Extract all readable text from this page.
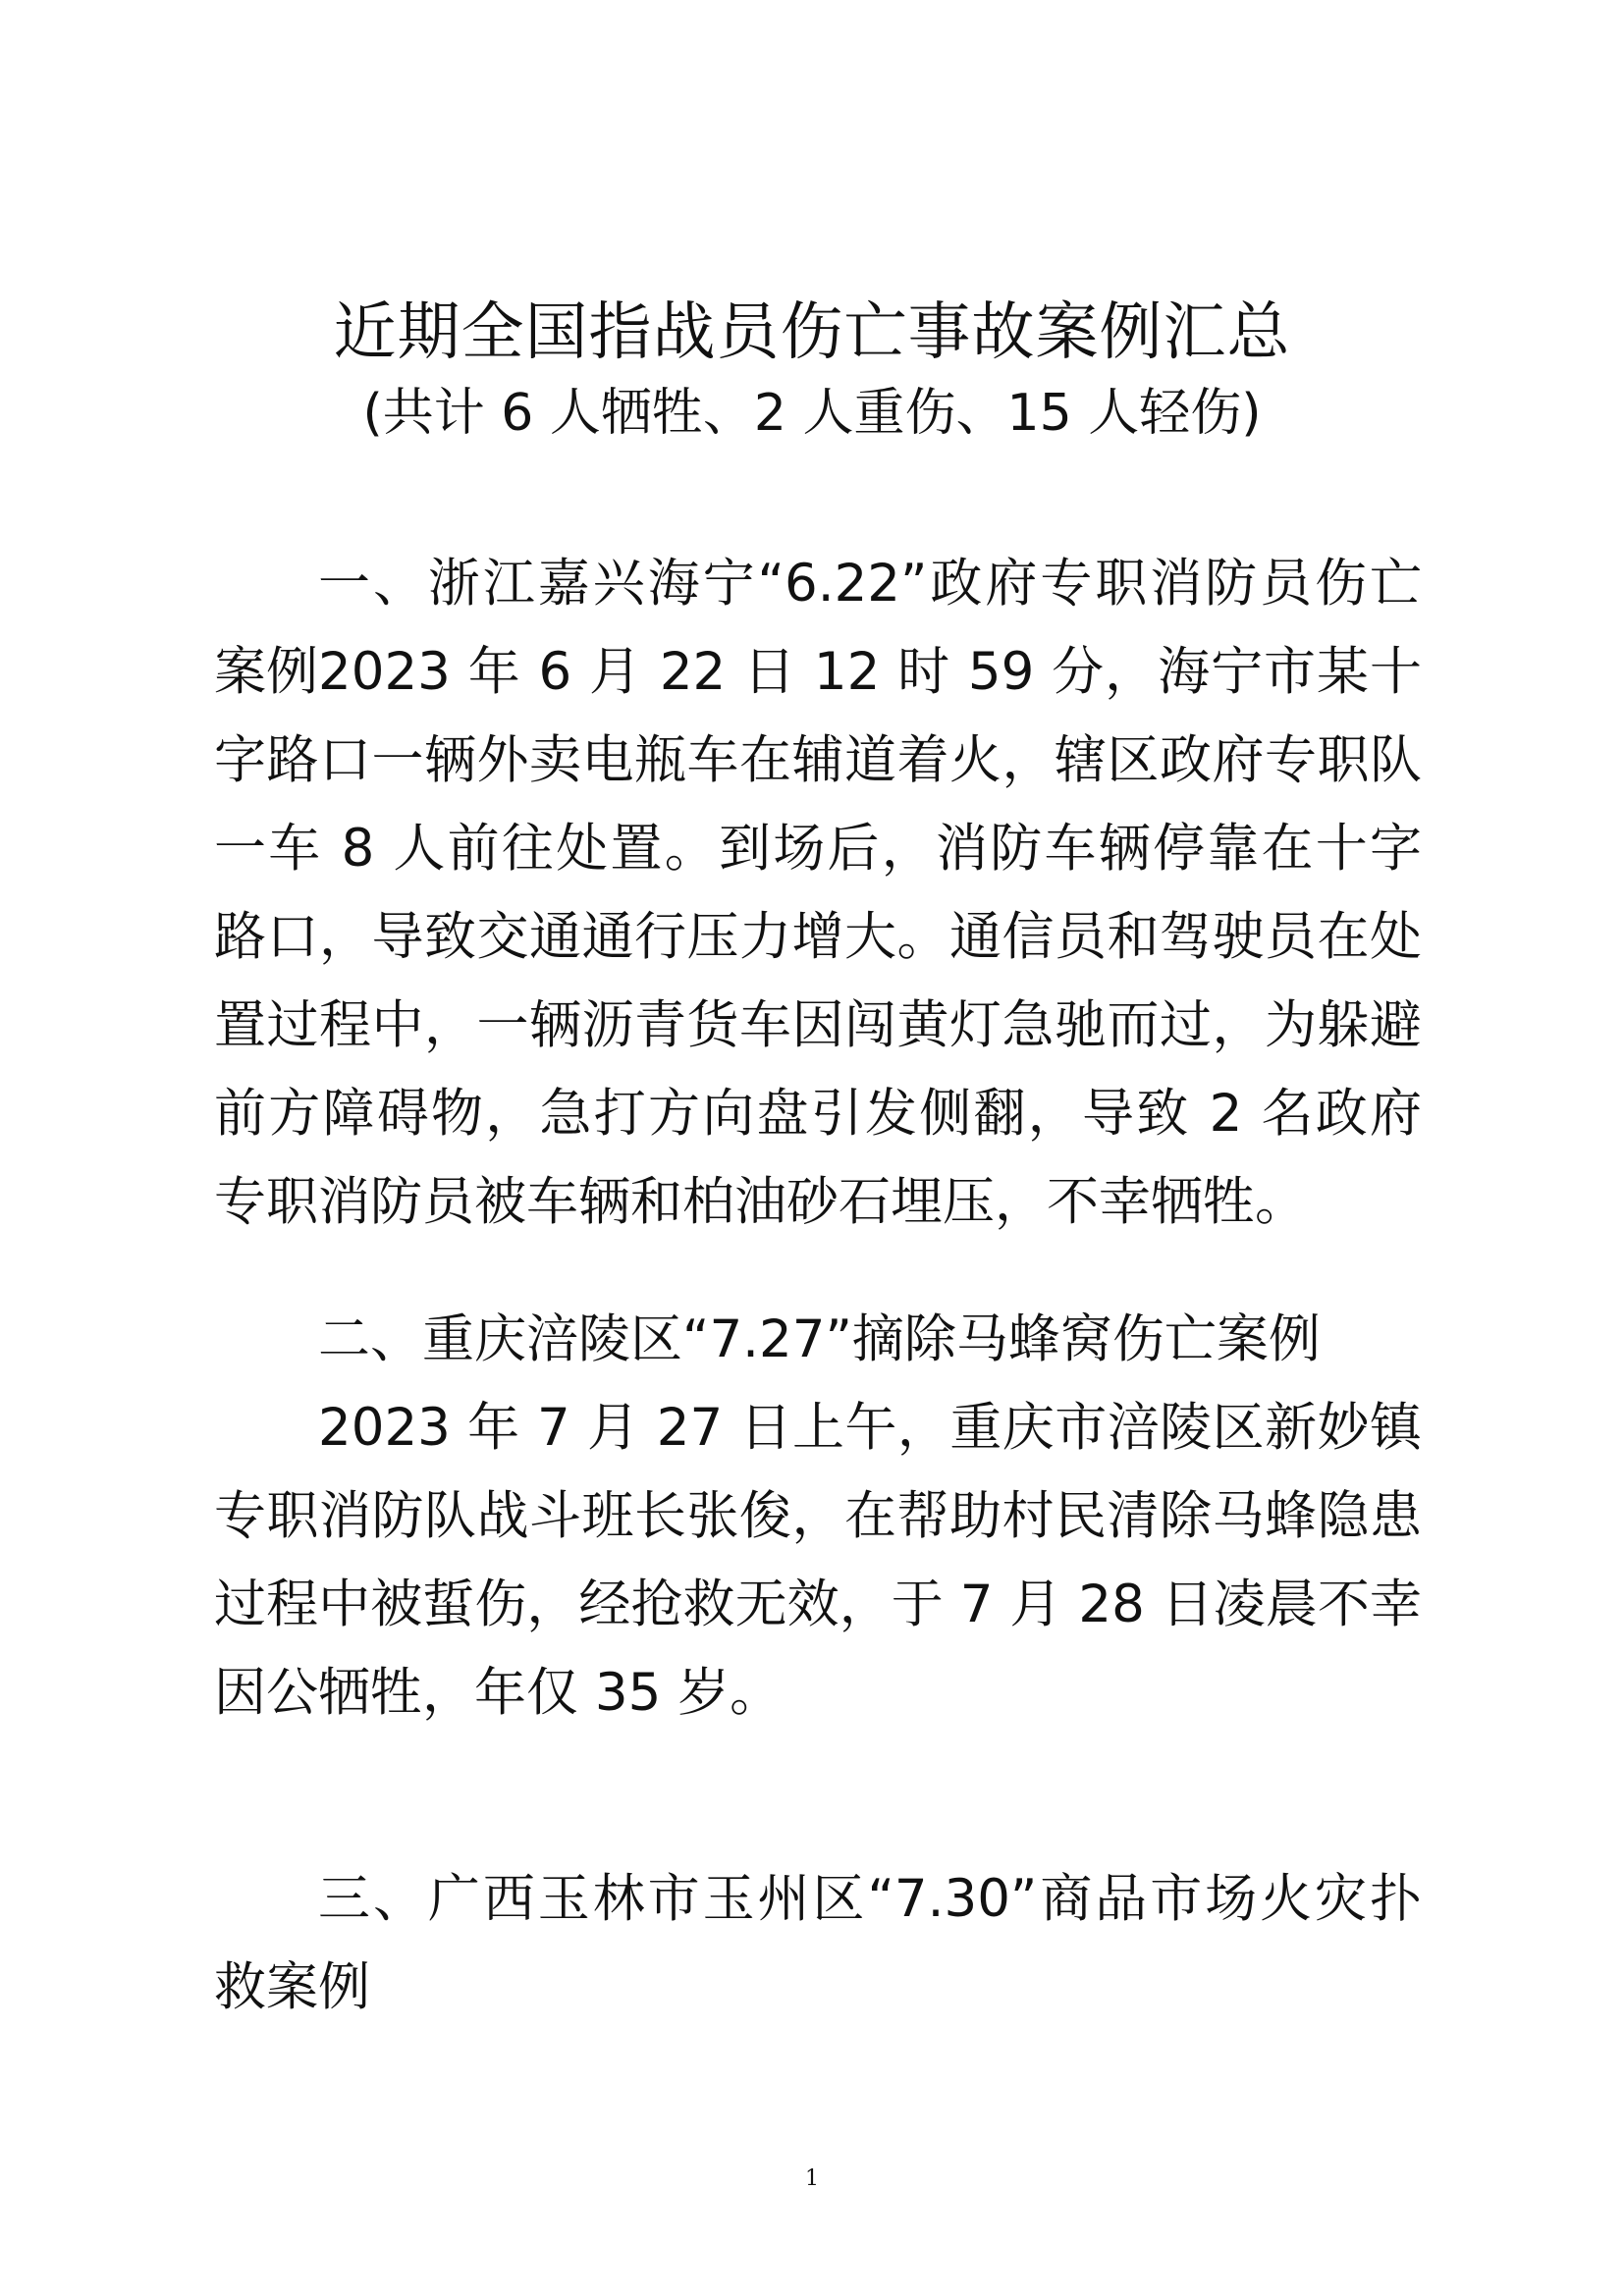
近期全国指战员伤亡事故案例汇总
(共计 6 人牺牲、2 人重伤、15 人轻伤)

一、浙江嘉兴海宁“6.22”政府专职消防员伤亡案例 2023 年 6 月 22 日 12 时 59 分，海宁市某十字路口一辆外卖电瓶车在辅道着火，辖区政府专职队一车 8 人前往处置。到场后，消防车辆停靠在十字路口，导致交通通行压力增大。通信员和驾驶员在处置过程中，一辆沥青货车因闯黄灯急驰而过，为躲避前方障碍物，急打方向盘引发侧翻，导致 2 名政府专职消防员被车辆和柏油砂石埋压，不幸牺牲。

二、重庆涪陵区“7.27”摘除马蜂窝伤亡案例

2023 年 7 月 27 日上午，重庆市涪陵区新妙镇专职消防队战斗班长张俊，在帮助村民清除马蜂隐患过程中被蜇伤，经抢救无效，于 7 月 28 日凌晨不幸因公牺牲，年仅 35 岁。

三、广西玉林市玉州区“7.30”商品市场火灾扑救案例

1
